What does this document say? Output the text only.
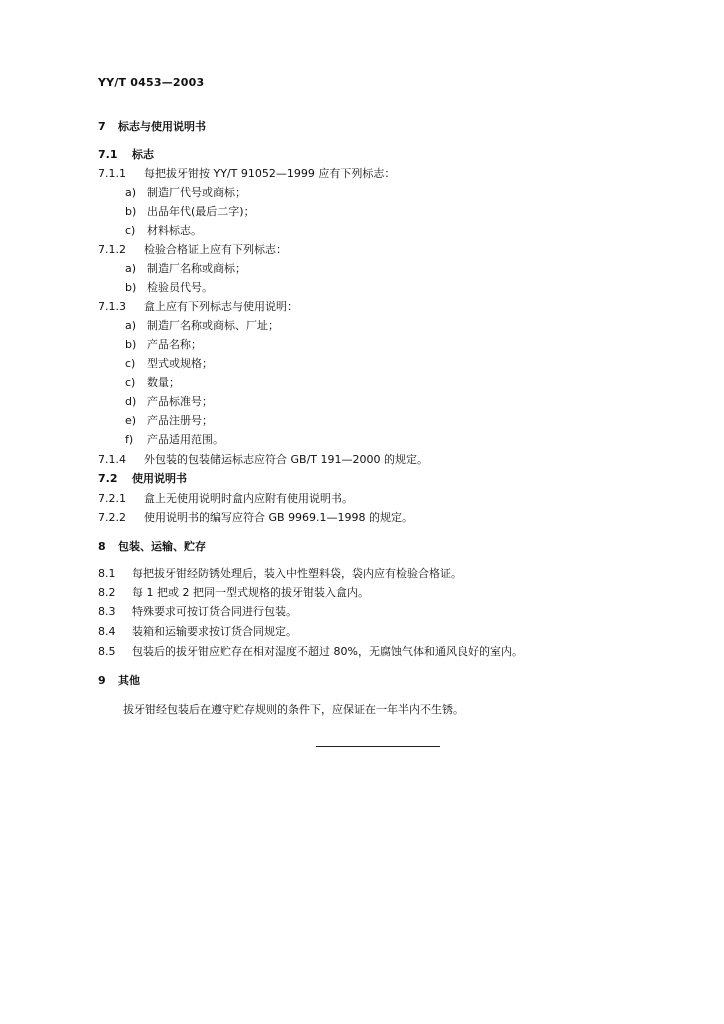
YY/T 0453—2003
7 标志与使用说明书
7.1 标志
7.1.1 每把拔牙钳按 YY/T 91052—1999 应有下列标志：
a) 制造厂代号或商标；
b) 出品年代(最后二字)；
c) 材料标志。
7.1.2 检验合格证上应有下列标志：
a) 制造厂名称或商标；
b) 检验员代号。
7.1.3 盒上应有下列标志与使用说明：
a) 制造厂名称或商标、厂址；
b) 产品名称；
c) 型式或规格；
c) 数量；
d) 产品标准号；
e) 产品注册号；
f) 产品适用范围。
7.1.4 外包装的包装储运标志应符合 GB/T 191—2000 的规定。
7.2 使用说明书
7.2.1 盒上无使用说明时盒内应附有使用说明书。
7.2.2 使用说明书的编写应符合 GB 9969.1—1998 的规定。
8 包装、运输、贮存
8.1 每把拔牙钳经防锈处理后，装入中性塑料袋，袋内应有检验合格证。
8.2 每 1 把或 2 把同一型式规格的拔牙钳装入盒内。
8.3 特殊要求可按订货合同进行包装。
8.4 装箱和运输要求按订货合同规定。
8.5 包装后的拔牙钳应贮存在相对湿度不超过 80%，无腐蚀气体和通风良好的室内。
9 其他
拔牙钳经包装后在遵守贮存规则的条件下，应保证在一年半内不生锈。
